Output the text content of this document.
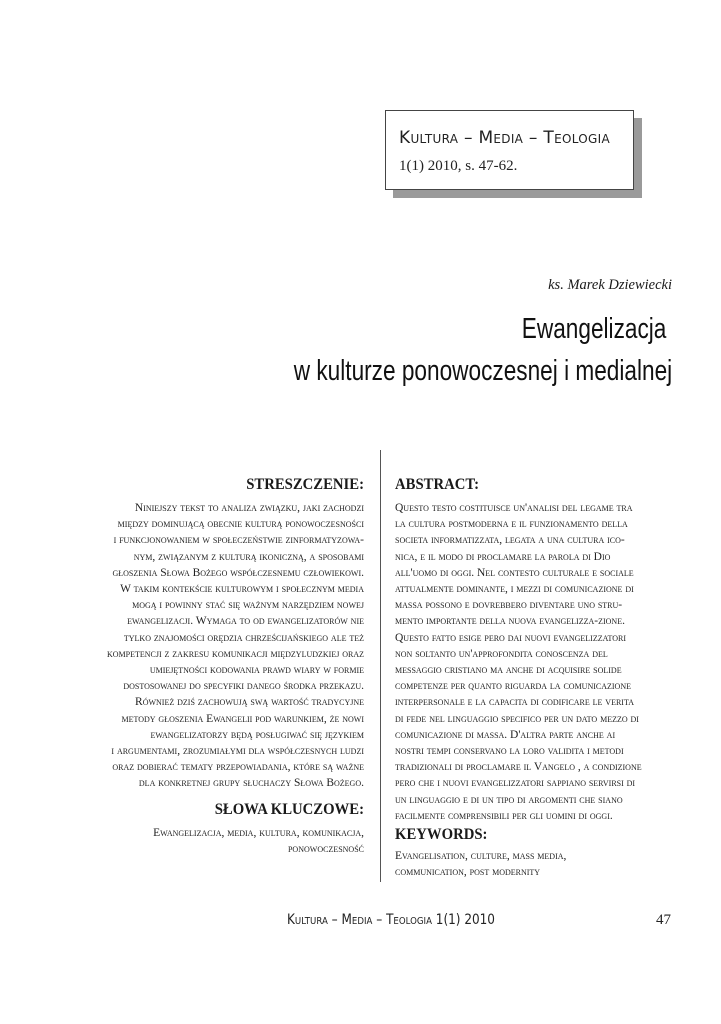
Kultura – Media – Teologia
1(1) 2010, s. 47-62.
ks. Marek Dziewiecki
Ewangelizacja
w kulturze ponowoczesnej i medialnej
STRESZCZENIE:
Niniejszy tekst to analiza związku, jaki zachodzi
między dominującą obecnie kulturą ponowoczesności
i funkcjonowaniem w społeczeństwie zinformatyzowa-
nym, związanym z kulturą ikoniczną, a sposobami
głoszenia Słowa Bożego współczesnemu człowiekowi.
W takim kontekście kulturowym i społecznym media
mogą i powinny stać się ważnym narzędziem nowej
ewangelizacji. Wymaga to od ewangelizatorów nie
tylko znajomości orędzia chrześcijańskiego ale też
kompetencji z zakresu komunikacji międzyludzkiej oraz
umiejętności kodowania prawd wiary w formie
dostosowanej do specyfiki danego środka przekazu.
Również dziś zachowują swą wartość tradycyjne
metody głoszenia Ewangelii pod warunkiem, że nowi
ewangelizatorzy będą posługiwać się językiem
i argumentami, zrozumiałymi dla współczesnych ludzi
oraz dobierać tematy przepowiadania, które są ważne
dla konkretnej grupy słuchaczy Słowa Bożego.
SŁOWA KLUCZOWE:
Ewangelizacja, media, kultura, komunikacja,
ponowoczesność
ABSTRACT:
Questo testo costituisce un'analisi del legame tra
la cultura postmoderna e il funzionamento della
societa informatizzata, legata a una cultura ico-
nica, e il modo di proclamare la parola di Dio
all'uomo di oggi. Nel contesto culturale e sociale
attualmente dominante, i mezzi di comunicazione di
massa possono e dovrebbero diventare uno stru-
mento importante della nuova evangelizza-zione.
Questo fatto esige pero dai nuovi evangelizzatori
non soltanto un'approfondita conoscenza del
messaggio cristiano ma anche di acquisire solide
competenze per quanto riguarda la comunicazione
interpersonale e la capacita di codificare le verita
di fede nel linguaggio specifico per un dato mezzo di
comunicazione di massa. D'altra parte anche ai
nostri tempi conservano la loro validita i metodi
tradizionali di proclamare il Vangelo , a condizione
pero che i nuovi evangelizzatori sappiano servirsi di
un linguaggio e di un tipo di argomenti che siano
facilmente comprensibili per gli uomini di oggi.
KEYWORDS:
Evangelisation, culture, mass media,
communication, post modernity
Kultura – Media – Teologia 1(1) 2010	47
